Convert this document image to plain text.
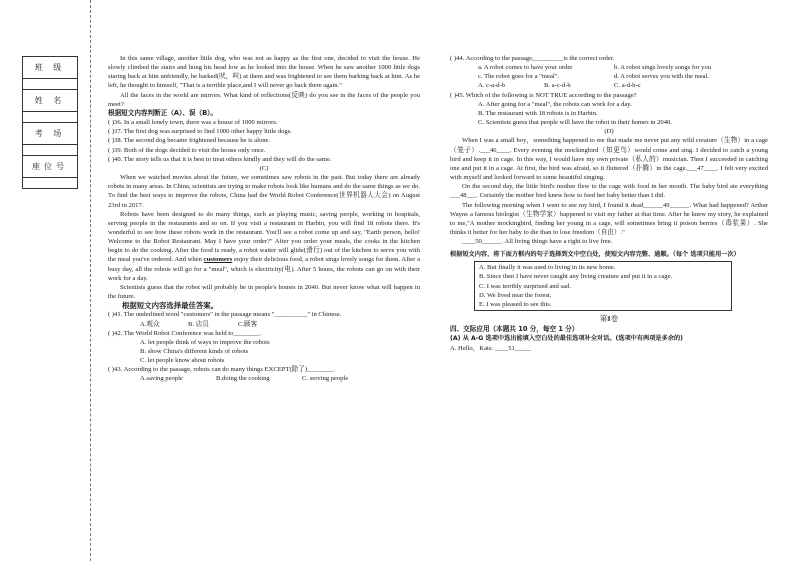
班 级

姓 名

考 场

座位号

In this same village, another little dog, who was not as happy as the first one, decided to visit the house. He slowly climbed the stairs and hung his head low as he looked into the house. When he saw another 1000 little dogs staring back at him unfriendly, he barked(吠，叫) at them and was frightened to see them barking back at him. As he left, he thought to himself, "That is a terrible place,and I will never go back there again."

All the faces in the world are mirrors. What kind of reflections(反映) do you see in the faces of the people you meet?

根据短文内容判断正（A）、误（B）。

( )36. In a small lonely town, there was a house of 1000 mirrors.

( )37. The first dog was surprised to find 1000 other happy little dogs.

( )38. The second dog became frightened because he is alone.

( )39. Both of the dogs decided to visit the house only once.

( )40. The story tells us that it is best to treat others kindly and they will do the same.

(C)

When we watched movies about the future, we sometimes saw robots in the past. But today there are already robots in many areas. In China, scientists are trying to make robots look like humans and do the same things as we do. To find the best ways to improve the robots, China had the World Robot Conference(世界机器人大会) on August 23rd in 2017.

Robots have been designed to do many things, such as playing music, saving people, working in hospitals, serving people in the restaurants and so on. If you visit a restaurant in Harbin, you will find 18 robots there. It's wonderful to see how these robots work in the restaurant. You'll see a robot come up and say, "Earth person, hello! Welcome to the Robot Restaurant. May I have your order?" After you order your meals, the cooks in the kitchen begin to do the cooking. After the food is ready, a robot waiter will glide(滑行) out of the kitchen to serve you with the meal you've ordered. And when customers enjoy their delicious food, a robot sings lovely songs for them. After a busy day, all the robots will go for a "meal", which is electricity(电). After 5 hours, the robots can go on with their work for a day.

Scientists guess that the robot will probably be in people's homes in 2040. But never know what will happen in the future.

根据短文内容选择最佳答案。

( )41. The underlined word "customers" in the passage means "__________" in Chinese.

A.观众	B. 店员	C.顾客

( )42. The World Robot Conference was held to________.

A. let people think of ways to improve the robots

B. show China's different kinds of robots

C. let people know about robots

( )43. According to the passage, robots can do many things EXCEPT(除了)________.

A.saving people	B.doing the cooking	C. serving people

( )44. According to the passage,_________is the correct order.

a. A robot comes to have your order	b. A robot sings lovely songs for you

c. The robot goes for a "meal".	d. A robot serves you with the meal.

A. c-a-d-b	B. a-c-d-b	C. a-d-b-c

( )45. Which of the following is NOT TRUE according to the passage?

A. After going for a "meal", the robots can work for a day.

B. The restaurant with 18 robots is in Harbin.

C. Scientists guess that people will have the robot in their homes in 2040.

(D)

When I was a small boy，something happened to me that made me never put any wild creature（生物）in a cage（笼子）.___46____. Every evening the mockingbird（知更鸟）would come and sing. I decided to catch a young bird and keep it in cage. In this way, I would have my own private（私人的）musician. Then I succeeded in catching one and put it in a cage. At first, the bird was afraid, so it fluttered（扑腾）in the cage.___47____. I felt very excited with myself and looked forward to some beautiful singing.

On the second day, the little bird's mother flew to the cage with food in her mouth. The baby bird ate everything ___48___. Certainly the mother bird knew how to feed her baby better than I did.

The following morning when I went to see my bird, I found it dead______49______. What had happened? Arthur Wayne a famous biologist（生物学家）happened to visit my father at that time. After he knew my story, he explained to me,"A mother mockingbird, finding her young in a cage, will sometimes bring it poison berries（毒浆果）. She thinks it better for her baby to die than to lose freedom（自由）."

____50______. All living things have a right to live free.

根据短文内容，将下面方框内的句子选择到文中空白处，使短文内容完整、通顺。（每个 选项只能用一次）

A. But finally it was used to living in its new home.

B. Since then I have never caught any living creature and put it in a cage.

C. I was terribly surprised and sad.

D. We lived near the forest.

E. I was pleased to see this.

第Ⅱ卷

四、交际应用（本题共 10 分，每空 1 分）

(A) 从 A-G 选项中选出能填入空白处的最佳选项补全对话。(选项中有两项是多余的)

A. Hello，Kate. ____51_____
